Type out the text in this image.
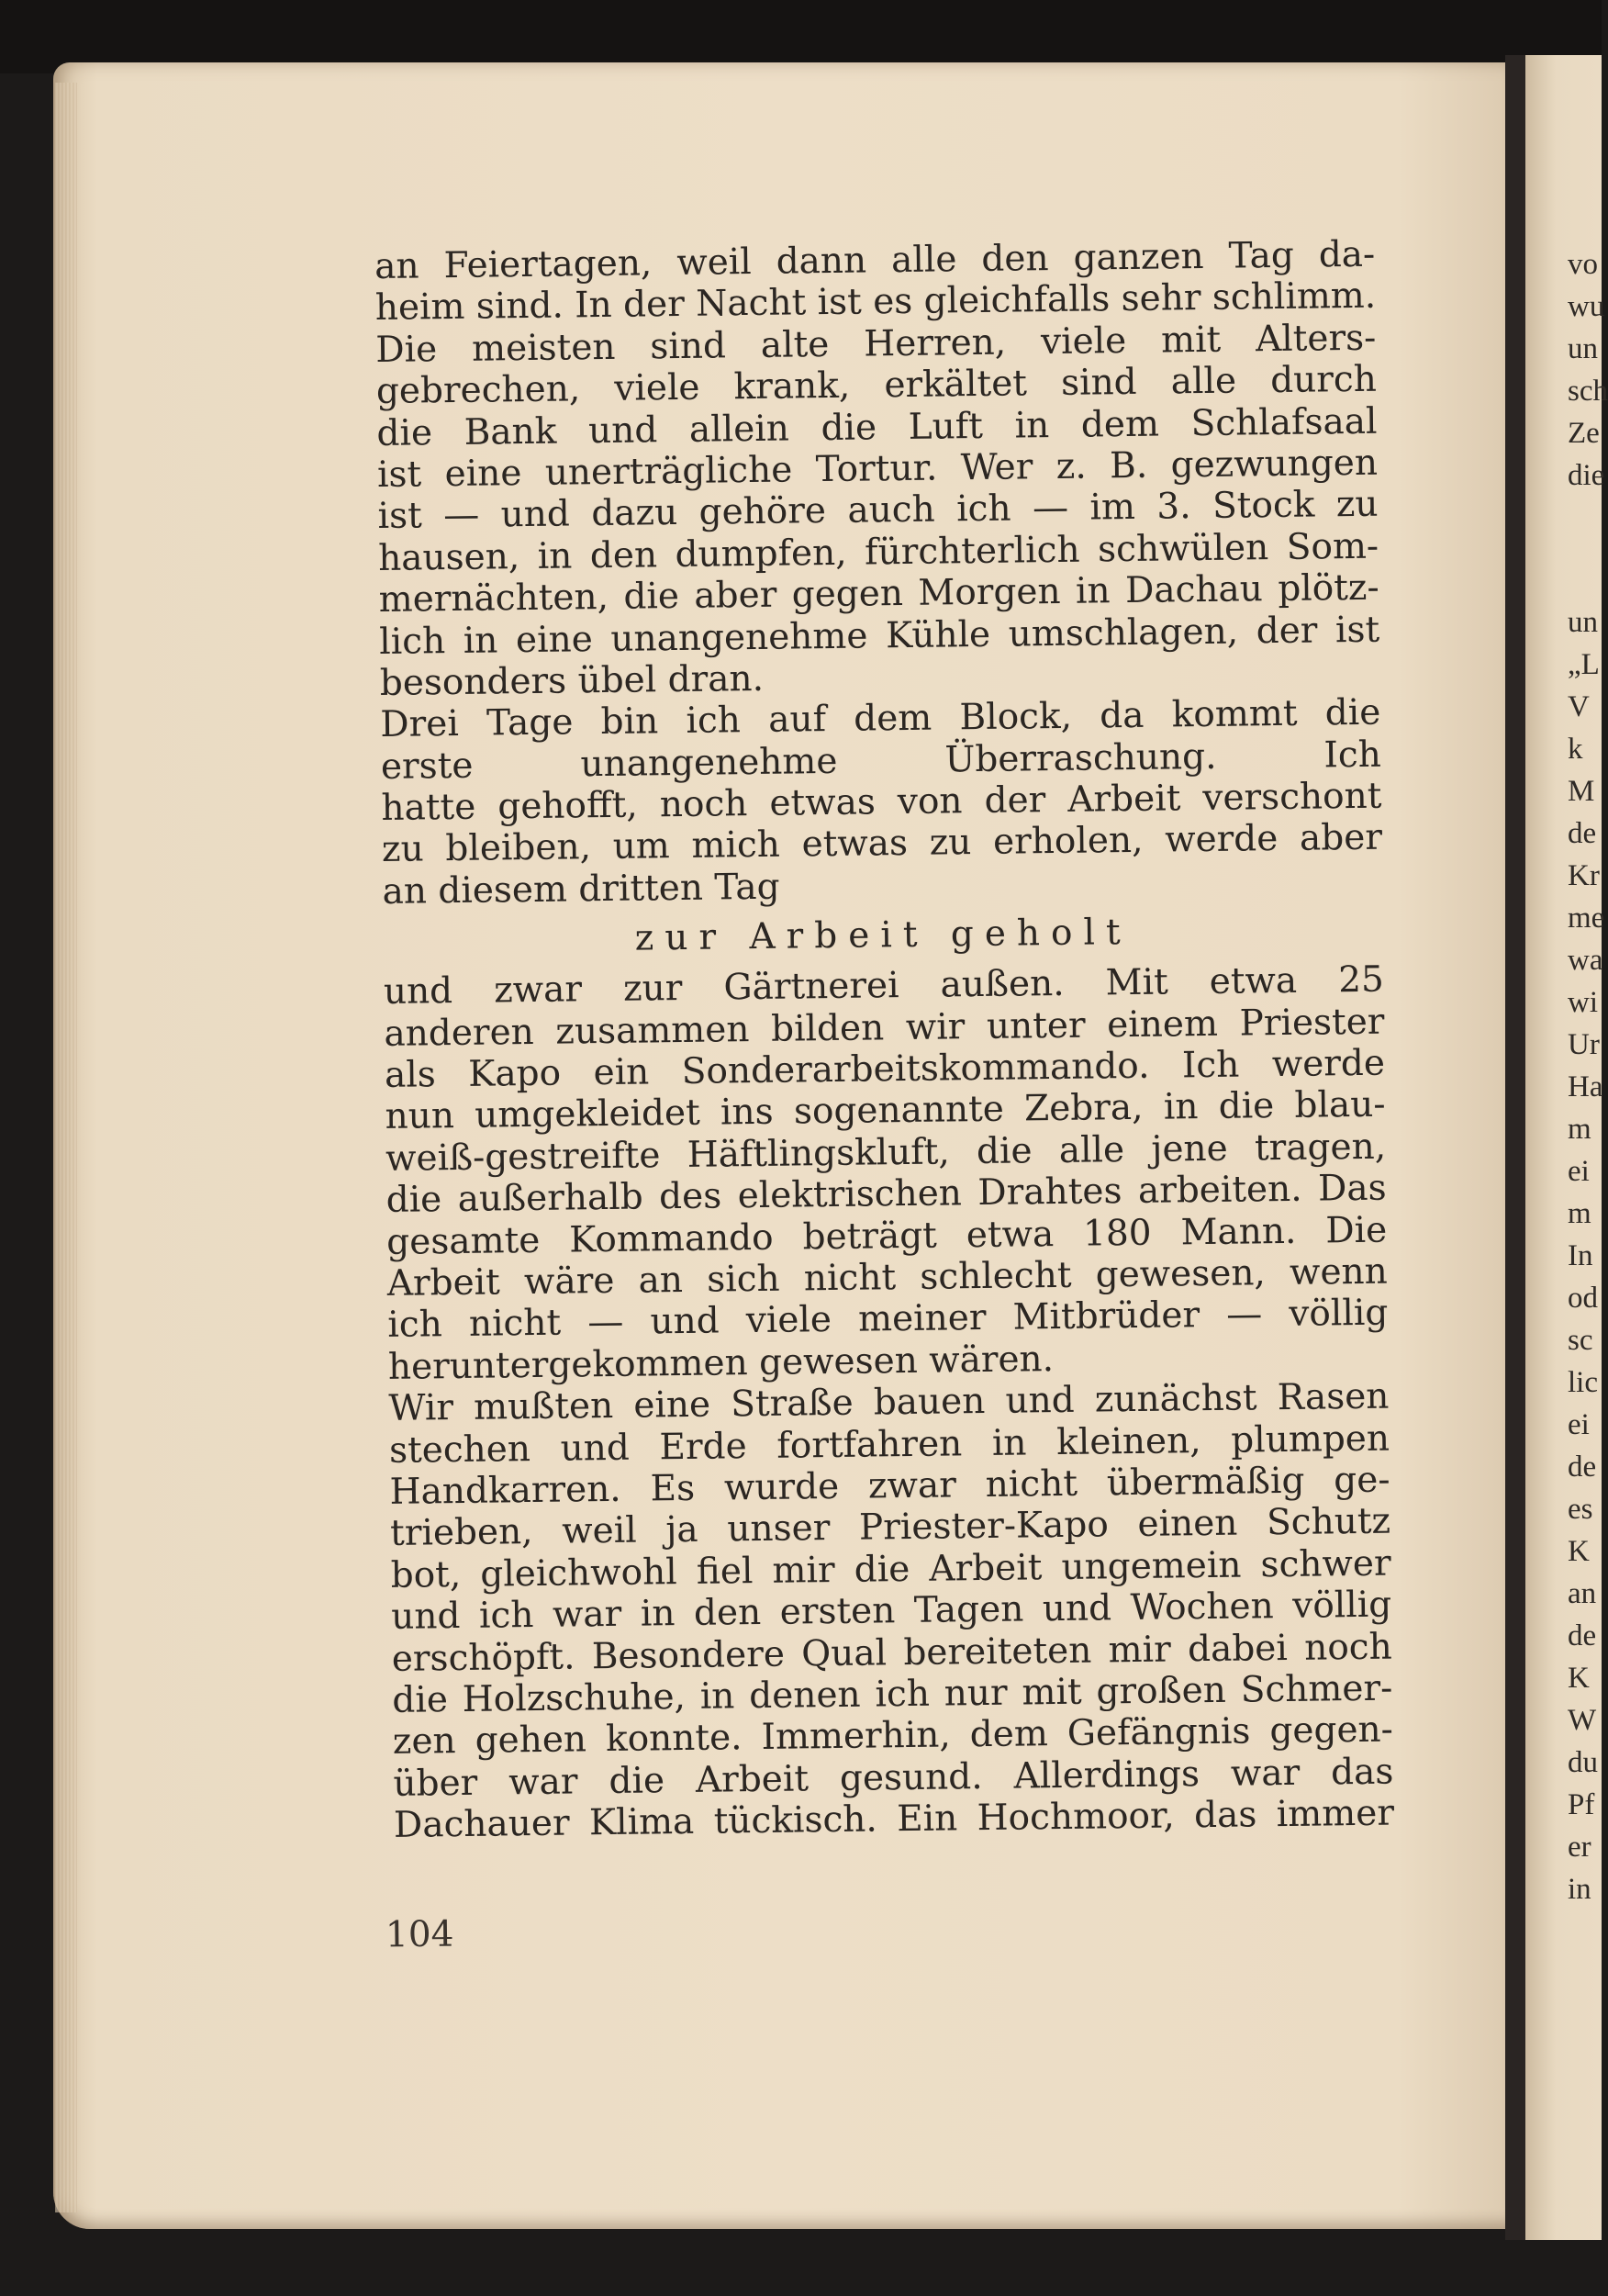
vo
wu
un
sch
Ze
die
un
„L
V
k
M
de
Kr
me
wa
wi
Ur
Ha
m
ei
m
In
od
sc
lic
ei
de
es
K
an
de
K
W
du
Pf
er
in
an Feiertagen, weil dann alle den ganzen Tag da-
heim sind. In der Nacht ist es gleichfalls sehr schlimm.
Die meisten sind alte Herren, viele mit Alters-
gebrechen, viele krank, erkältet sind alle durch
die Bank und allein die Luft in dem Schlafsaal
ist eine unerträgliche Tortur. Wer z. B. gezwungen
ist — und dazu gehöre auch ich — im 3. Stock zu
hausen, in den dumpfen, fürchterlich schwülen Som-
mernächten, die aber gegen Morgen in Dachau plötz-
lich in eine unangenehme Kühle umschlagen, der ist
besonders übel dran.
Drei Tage bin ich auf dem Block, da kommt die
erste unangenehme Überraschung. Ich
hatte gehofft, noch etwas von der Arbeit verschont
zu bleiben, um mich etwas zu erholen, werde aber
an diesem dritten Tag
zur Arbeit geholt
und zwar zur Gärtnerei außen. Mit etwa 25
anderen zusammen bilden wir unter einem Priester
als Kapo ein Sonderarbeitskommando. Ich werde
nun umgekleidet ins sogenannte Zebra, in die blau-
weiß-gestreifte Häftlingskluft, die alle jene tragen,
die außerhalb des elektrischen Drahtes arbeiten. Das
gesamte Kommando beträgt etwa 180 Mann. Die
Arbeit wäre an sich nicht schlecht gewesen, wenn
ich nicht — und viele meiner Mitbrüder — völlig
heruntergekommen gewesen wären.
Wir mußten eine Straße bauen und zunächst Rasen
stechen und Erde fortfahren in kleinen, plumpen
Handkarren. Es wurde zwar nicht übermäßig ge-
trieben, weil ja unser Priester-Kapo einen Schutz
bot, gleichwohl fiel mir die Arbeit ungemein schwer
und ich war in den ersten Tagen und Wochen völlig
erschöpft. Besondere Qual bereiteten mir dabei noch
die Holzschuhe, in denen ich nur mit großen Schmer-
zen gehen konnte. Immerhin, dem Gefängnis gegen-
über war die Arbeit gesund. Allerdings war das
Dachauer Klima tückisch. Ein Hochmoor, das immer
104
